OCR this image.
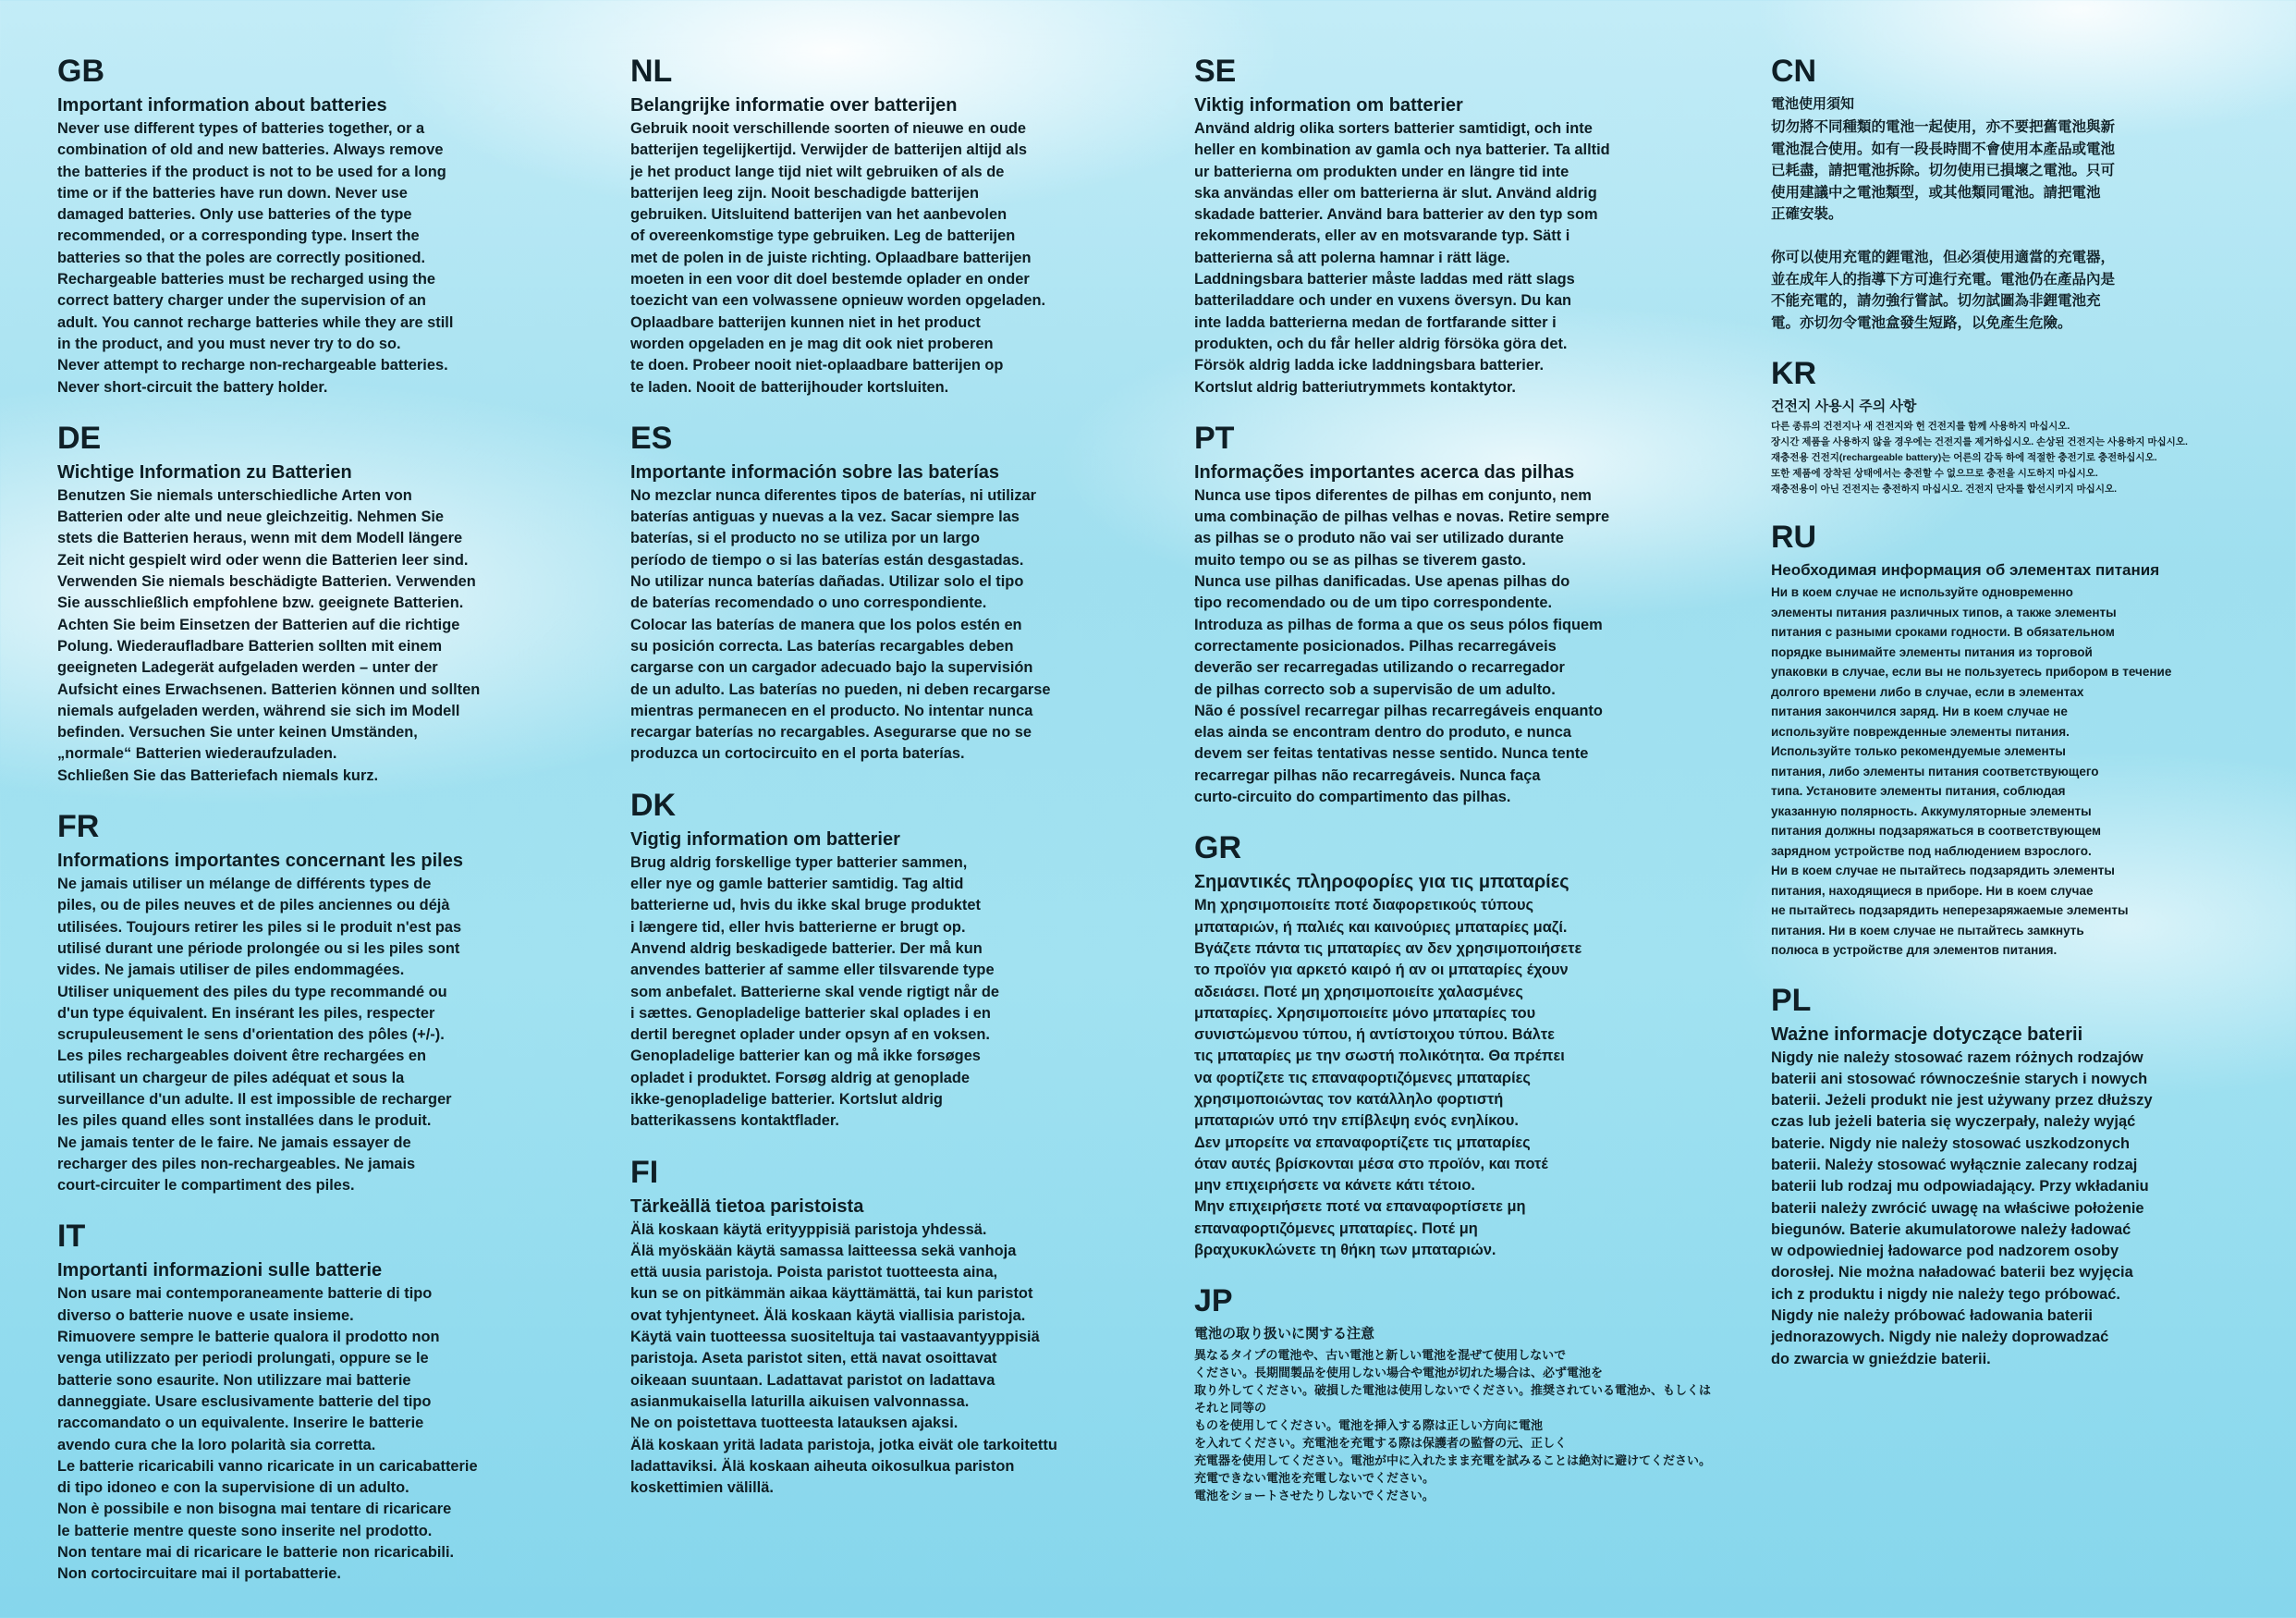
GB
Important information about batteries
Never use different types of batteries together, or a
combination of old and new batteries. Always remove
the batteries if the product is not to be used for a long
time or if the batteries have run down. Never use
damaged batteries. Only use batteries of the type
recommended, or a corresponding type. Insert the
batteries so that the poles are correctly positioned.
Rechargeable batteries must be recharged using the
correct battery charger under the supervision of an
adult. You cannot recharge batteries while they are still
in the product, and you must never try to do so.
Never attempt to recharge non-rechargeable batteries.
Never short-circuit the battery holder.
DE
Wichtige Information zu Batterien
Benutzen Sie niemals unterschiedliche Arten von
Batterien oder alte und neue gleichzeitig. Nehmen Sie
stets die Batterien heraus, wenn mit dem Modell längere
Zeit nicht gespielt wird oder wenn die Batterien leer sind.
Verwenden Sie niemals beschädigte Batterien. Verwenden
Sie ausschließlich empfohlene bzw. geeignete Batterien.
Achten Sie beim Einsetzen der Batterien auf die richtige
Polung. Wiederaufladbare Batterien sollten mit einem
geeigneten Ladegerät aufgeladen werden – unter der
Aufsicht eines Erwachsenen. Batterien können und sollten
niemals aufgeladen werden, während sie sich im Modell
befinden. Versuchen Sie unter keinen Umständen,
„normale“ Batterien wiederaufzuladen.
Schließen Sie das Batteriefach niemals kurz.
FR
Informations importantes concernant les piles
Ne jamais utiliser un mélange de différents types de
piles, ou de piles neuves et de piles anciennes ou déjà
utilisées. Toujours retirer les piles si le produit n'est pas
utilisé durant une période prolongée ou si les piles sont
vides. Ne jamais utiliser de piles endommagées.
Utiliser uniquement des piles du type recommandé ou
d'un type équivalent. En insérant les piles, respecter
scrupuleusement le sens d'orientation des pôles (+/-).
Les piles rechargeables doivent être rechargées en
utilisant un chargeur de piles adéquat et sous la
surveillance d'un adulte. Il est impossible de recharger
les piles quand elles sont installées dans le produit.
Ne jamais tenter de le faire. Ne jamais essayer de
recharger des piles non-rechargeables. Ne jamais
court-circuiter le compartiment des piles.
IT
Importanti informazioni sulle batterie
Non usare mai contemporaneamente batterie di tipo
diverso o batterie nuove e usate insieme.
Rimuovere sempre le batterie qualora il prodotto non
venga utilizzato per periodi prolungati, oppure se le
batterie sono esaurite. Non utilizzare mai batterie
danneggiate. Usare esclusivamente batterie del tipo
raccomandato o un equivalente. Inserire le batterie
avendo cura che la loro polarità sia corretta.
Le batterie ricaricabili vanno ricaricate in un caricabatterie
di tipo idoneo e con la supervisione di un adulto.
Non è possibile e non bisogna mai tentare di ricaricare
le batterie mentre queste sono inserite nel prodotto.
Non tentare mai di ricaricare le batterie non ricaricabili.
Non cortocircuitare mai il portabatterie.
NL
Belangrijke informatie over batterijen
Gebruik nooit verschillende soorten of nieuwe en oude
batterijen tegelijkertijd. Verwijder de batterijen altijd als
je het product lange tijd niet wilt gebruiken of als de
batterijen leeg zijn. Nooit beschadigde batterijen
gebruiken. Uitsluitend batterijen van het aanbevolen
of overeenkomstige type gebruiken. Leg de batterijen
met de polen in de juiste richting. Oplaadbare batterijen
moeten in een voor dit doel bestemde oplader en onder
toezicht van een volwassene opnieuw worden opgeladen.
Oplaadbare batterijen kunnen niet in het product
worden opgeladen en je mag dit ook niet proberen
te doen. Probeer nooit niet-oplaadbare batterijen op
te laden. Nooit de batterijhouder kortsluiten.
ES
Importante información sobre las baterías
No mezclar nunca diferentes tipos de baterías, ni utilizar
baterías antiguas y nuevas a la vez. Sacar siempre las
baterías, si el producto no se utiliza por un largo
período de tiempo o si las baterías están desgastadas.
No utilizar nunca baterías dañadas. Utilizar solo el tipo
de baterías recomendado o uno correspondiente.
Colocar las baterías de manera que los polos estén en
su posición correcta. Las baterías recargables deben
cargarse con un cargador adecuado bajo la supervisión
de un adulto. Las baterías no pueden, ni deben recargarse
mientras permanecen en el producto. No intentar nunca
recargar baterías no recargables. Asegurarse que no se
produzca un cortocircuito en el porta baterías.
DK
Vigtig information om batterier
Brug aldrig forskellige typer batterier sammen,
eller nye og gamle batterier samtidig. Tag altid
batterierne ud, hvis du ikke skal bruge produktet
i længere tid, eller hvis batterierne er brugt op.
Anvend aldrig beskadigede batterier. Der må kun
anvendes batterier af samme eller tilsvarende type
som anbefalet. Batterierne skal vende rigtigt når de
i sættes. Genopladelige batterier skal oplades i en
dertil beregnet oplader under opsyn af en voksen.
Genopladelige batterier kan og må ikke forsøges
opladet i produktet. Forsøg aldrig at genoplade
ikke-genopladelige batterier. Kortslut aldrig
batterikassens kontaktflader.
FI
Tärkeällä tietoa paristoista
Älä koskaan käytä erityyppisiä paristoja yhdessä.
Älä myöskään käytä samassa laitteessa sekä vanhoja
että uusia paristoja. Poista paristot tuotteesta aina,
kun se on pitkämmän aikaa käyttämättä, tai kun paristot
ovat tyhjentyneet. Älä koskaan käytä viallisia paristoja.
Käytä vain tuotteessa suositeltuja tai vastaavantyyppisiä
paristoja. Aseta paristot siten, että navat osoittavat
oikeaan suuntaan. Ladattavat paristot on ladattava
asianmukaisella laturilla aikuisen valvonnassa.
Ne on poistettava tuotteesta latauksen ajaksi.
Älä koskaan yritä ladata paristoja, jotka eivät ole tarkoitettu
ladattaviksi. Älä koskaan aiheuta oikosulkua pariston
koskettimien välillä.
SE
Viktig information om batterier
Använd aldrig olika sorters batterier samtidigt, och inte
heller en kombination av gamla och nya batterier. Ta alltid
ur batterierna om produkten under en längre tid inte
ska användas eller om batterierna är slut. Använd aldrig
skadade batterier. Använd bara batterier av den typ som
rekommenderats, eller av en motsvarande typ. Sätt i
batterierna så att polerna hamnar i rätt läge.
Laddningsbara batterier måste laddas med rätt slags
batteriladdare och under en vuxens översyn. Du kan
inte ladda batterierna medan de fortfarande sitter i
produkten, och du får heller aldrig försöka göra det.
Försök aldrig ladda icke laddningsbara batterier.
Kortslut aldrig batteriutrymmets kontaktytor.
PT
Informações importantes acerca das pilhas
Nunca use tipos diferentes de pilhas em conjunto, nem
uma combinação de pilhas velhas e novas. Retire sempre
as pilhas se o produto não vai ser utilizado durante
muito tempo ou se as pilhas se tiverem gasto.
Nunca use pilhas danificadas. Use apenas pilhas do
tipo recomendado ou de um tipo correspondente.
Introduza as pilhas de forma a que os seus pólos fiquem
correctamente posicionados. Pilhas recarregáveis
deverão ser recarregadas utilizando o recarregador
de pilhas correcto sob a supervisão de um adulto.
Não é possível recarregar pilhas recarregáveis enquanto
elas ainda se encontram dentro do produto, e nunca
devem ser feitas tentativas nesse sentido. Nunca tente
recarregar pilhas não recarregáveis. Nunca faça
curto-circuito do compartimento das pilhas.
GR
Σημαντικές πληροφορίες για τις μπαταρίες
Μη χρησιμοποιείτε ποτέ διαφορετικούς τύπους
μπαταριών, ή παλιές και καινούριες μπαταρίες μαζί.
Βγάζετε πάντα τις μπαταρίες αν δεν χρησιμοποιήσετε
το προϊόν για αρκετό καιρό ή αν οι μπαταρίες έχουν
αδειάσει. Ποτέ μη χρησιμοποιείτε χαλασμένες
μπαταρίες. Χρησιμοποιείτε μόνο μπαταρίες του
συνιστώμενου τύπου, ή αντίστοιχου τύπου. Βάλτε
τις μπαταρίες με την σωστή πολικότητα. Θα πρέπει
να φορτίζετε τις επαναφορτιζόμενες μπαταρίες
χρησιμοποιώντας τον κατάλληλο φορτιστή
μπαταριών υπό την επίβλεψη ενός ενηλίκου.
Δεν μπορείτε να επαναφορτίζετε τις μπαταρίες
όταν αυτές βρίσκονται μέσα στο προϊόν, και ποτέ
μην επιχειρήσετε να κάνετε κάτι τέτοιο.
Μην επιχειρήσετε ποτέ να επαναφορτίσετε μη
επαναφορτιζόμενες μπαταρίες. Ποτέ μη
βραχυκυκλώνετε τη θήκη των μπαταριών.
JP
電池の取り扱いに関する注意
異なるタイプの電池や、古い電池と新しい電池を混ぜて使用しないで
ください。長期間製品を使用しない場合や電池が切れた場合は、必ず電池を
取り外してください。破損した電池は使用しないでください。推奨されている電池か、もしくはそれと同等の
ものを使用してください。電池を挿入する際は正しい方向に電池
を入れてください。充電池を充電する際は保護者の監督の元、正しく
充電器を使用してください。電池が中に入れたまま充電を試みることは絶対に避けてください。
充電できない電池を充電しないでください。
電池をショートさせたりしないでください。
CN
電池使用須知
切勿將不同種類的電池一起使用，亦不要把舊電池與新
電池混合使用。如有一段長時間不會使用本產品或電池
已耗盡，請把電池拆除。切勿使用已損壞之電池。只可
使用建議中之電池類型，或其他類同電池。請把電池
正確安裝。

你可以使用充電的鋰電池，但必須使用適當的充電器，
並在成年人的指導下方可進行充電。電池仍在產品內是
不能充電的，請勿強行嘗試。切勿試圖為非鋰電池充
電。亦切勿令電池盒發生短路，以免產生危險。
KR
건전지 사용시 주의 사항
다른 종류의 건전지나 새 건전지와 헌 건전지를 함께 사용하지 마십시오.
장시간 제품을 사용하지 않을 경우에는 건전지를 제거하십시오. 손상된 건전지는 사용하지 마십시오.
재충전용 건전지(rechargeable battery)는 어른의 감독 하에 적절한 충전기로 충전하십시오.
또한 제품에 장착된 상태에서는 충전할 수 없으므로 충전을 시도하지 마십시오.
재충전용이 아닌 건전지는 충전하지 마십시오. 건전지 단자를 합선시키지 마십시오.
RU
Необходимая информация об элементах питания
Ни в коем случае не используйте одновременно
элементы питания различных типов, а также элементы
питания с разными сроками годности. В обязательном
порядке вынимайте элементы питания из торговой
упаковки в случае, если вы не пользуетесь прибором в течение
долгого времени либо в случае, если в элементах
питания закончился заряд. Ни в коем случае не
используйте поврежденные элементы питания.
Используйте только рекомендуемые элементы
питания, либо элементы питания соответствующего
типа. Установите элементы питания, соблюдая
указанную полярность. Аккумуляторные элементы
питания должны подзаряжаться в соответствующем
зарядном устройстве под наблюдением взрослого.
Ни в коем случае не пытайтесь подзарядить элементы
питания, находящиеся в приборе. Ни в коем случае
не пытайтесь подзарядить неперезаряжаемые элементы
питания. Ни в коем случае не пытайтесь замкнуть
полюса в устройстве для элементов питания.
PL
Ważne informacje dotyczące baterii
Nigdy nie należy stosować razem różnych rodzajów
baterii ani stosować równocześnie starych i nowych
baterii. Jeżeli produkt nie jest używany przez dłuższy
czas lub jeżeli bateria się wyczerpały, należy wyjąć
baterie. Nigdy nie należy stosować uszkodzonych
baterii. Należy stosować wyłącznie zalecany rodzaj
baterii lub rodzaj mu odpowiadający. Przy wkładaniu
baterii należy zwrócić uwagę na właściwe położenie
biegunów. Baterie akumulatorowe należy ładować
w odpowiedniej ładowarce pod nadzorem osoby
dorosłej. Nie można naładować baterii bez wyjęcia
ich z produktu i nigdy nie należy tego próbować.
Nigdy nie należy próbować ładowania baterii
jednorazowych. Nigdy nie należy doprowadzać
do zwarcia w gnieździe baterii.
